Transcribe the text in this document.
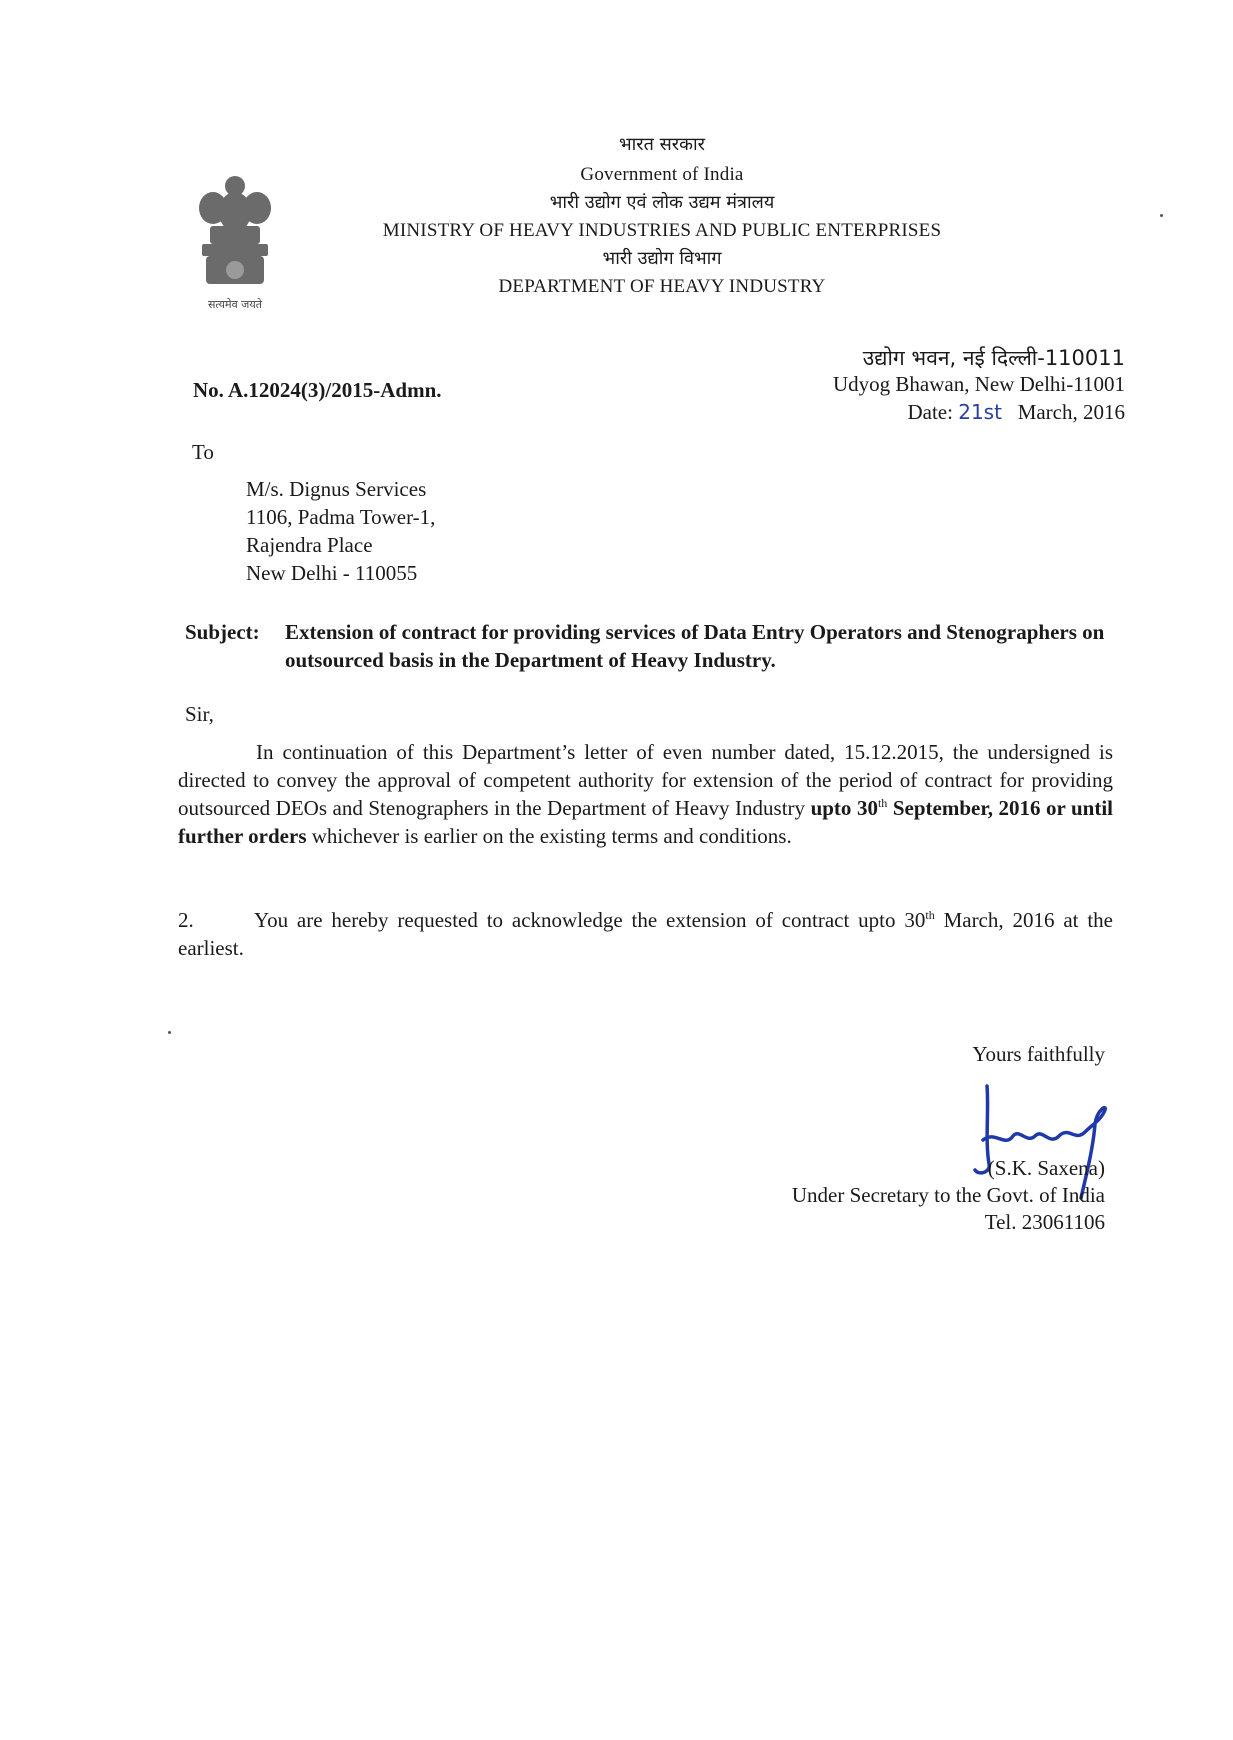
सत्यमेव जयते
भारत सरकार
Government of India
भारी उद्योग एवं लोक उद्यम मंत्रालय
MINISTRY OF HEAVY INDUSTRIES AND PUBLIC ENTERPRISES
भारी उद्योग विभाग
DEPARTMENT OF HEAVY INDUSTRY
No. A.12024(3)/2015-Admn.
उद्योग भवन, नई दिल्ली-110011
Udyog Bhawan, New Delhi-11001
Date: 21st March, 2016
To
M/s. Dignus Services
1106, Padma Tower-1,
Rajendra Place
New Delhi - 110055
Subject: Extension of contract for providing services of Data Entry Operators and Stenographers on outsourced basis in the Department of Heavy Industry.
Sir,
In continuation of this Department’s letter of even number dated, 15.12.2015, the undersigned is directed to convey the approval of competent authority for extension of the period of contract for providing outsourced DEOs and Stenographers in the Department of Heavy Industry upto 30th September, 2016 or until further orders whichever is earlier on the existing terms and conditions.
2.	You are hereby requested to acknowledge the extension of contract upto 30th March, 2016 at the earliest.
Yours faithfully
(S.K. Saxena)
Under Secretary to the Govt. of India
Tel. 23061106
